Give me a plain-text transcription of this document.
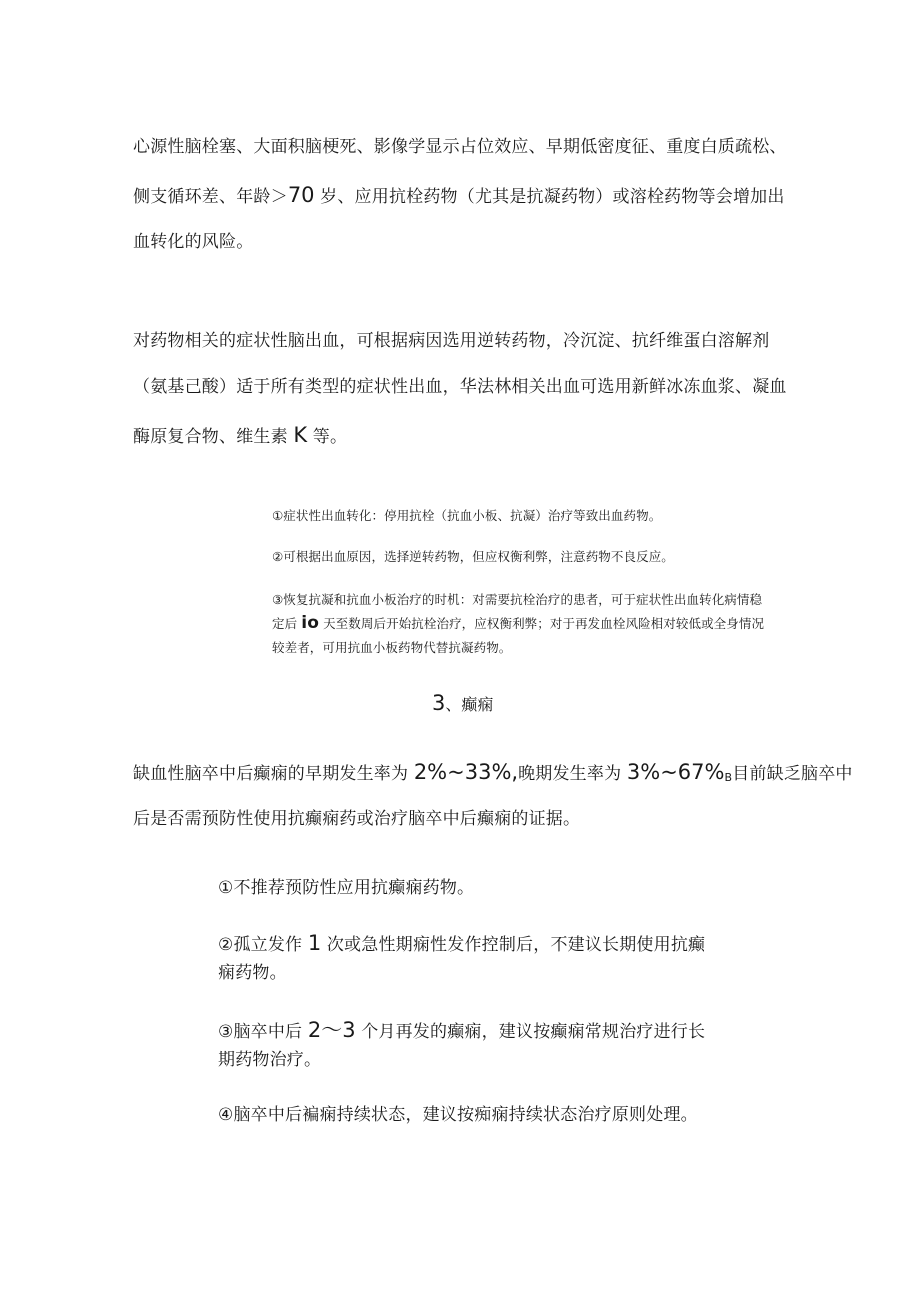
心源性脑栓塞、大面积脑梗死、影像学显示占位效应、早期低密度征、重度白质疏松、
侧支循环差、年龄＞70 岁、应用抗栓药物（尤其是抗凝药物）或溶栓药物等会增加出
血转化的风险。
对药物相关的症状性脑出血，可根据病因选用逆转药物，冷沉淀、抗纤维蛋白溶解剂
（氨基己酸）适于所有类型的症状性出血，华法林相关出血可选用新鲜冰冻血浆、凝血
酶原复合物、维生素 K 等。
①症状性出血转化：停用抗栓（抗血小板、抗凝）治疗等致出血药物。
②可根据出血原因，选择逆转药物，但应权衡利弊，注意药物不良反应。
③恢复抗凝和抗血小板治疗的时机：对需要抗栓治疗的患者，可于症状性出血转化病情稳
定后 io 天至数周后开始抗栓治疗，应权衡利弊；对于再发血栓风险相对较低或全身情况
较差者，可用抗血小板药物代替抗凝药物。
3、癫痫
缺血性脑卒中后癫痫的早期发生率为 2%~33%,晚期发生率为 3%~67%B目前缺乏脑卒中
后是否需预防性使用抗癫痫药或治疗脑卒中后癫痫的证据。
①不推荐预防性应用抗癫痫药物。
②孤立发作 1 次或急性期痫性发作控制后，不建议长期使用抗癫
痫药物。
③脑卒中后 2～3 个月再发的癫痫，建议按癫痫常规治疗进行长
期药物治疗。
④脑卒中后褊痫持续状态，建议按痴痫持续状态治疗原则处理。
